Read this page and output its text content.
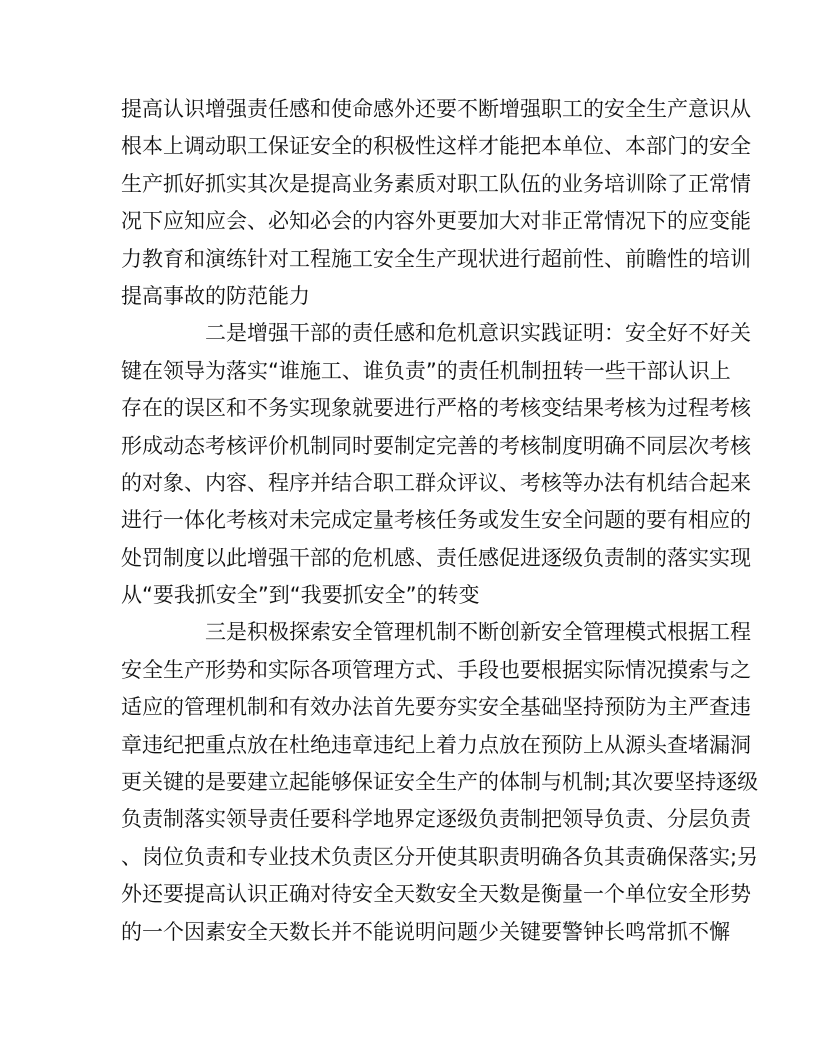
提高认识增强责任感和使命感外还要不断增强职工的安全生产意识从
根本上调动职工保证安全的积极性这样才能把本单位、本部门的安全
生产抓好抓实其次是提高业务素质对职工队伍的业务培训除了正常情
况下应知应会、必知必会的内容外更要加大对非正常情况下的应变能
力教育和演练针对工程施工安全生产现状进行超前性、前瞻性的培训
提高事故的防范能力
二是增强干部的责任感和危机意识实践证明：安全好不好关
键在领导为落实“谁施工、谁负责”的责任机制扭转一些干部认识上
存在的误区和不务实现象就要进行严格的考核变结果考核为过程考核
形成动态考核评价机制同时要制定完善的考核制度明确不同层次考核
的对象、内容、程序并结合职工群众评议、考核等办法有机结合起来
进行一体化考核对未完成定量考核任务或发生安全问题的要有相应的
处罚制度以此增强干部的危机感、责任感促进逐级负责制的落实实现
从“要我抓安全”到“我要抓安全”的转变
三是积极探索安全管理机制不断创新安全管理模式根据工程
安全生产形势和实际各项管理方式、手段也要根据实际情况摸索与之
适应的管理机制和有效办法首先要夯实安全基础坚持预防为主严查违
章违纪把重点放在杜绝违章违纪上着力点放在预防上从源头查堵漏洞
更关键的是要建立起能够保证安全生产的体制与机制;其次要坚持逐级
负责制落实领导责任要科学地界定逐级负责制把领导负责、分层负责
、岗位负责和专业技术负责区分开使其职责明确各负其责确保落实;另
外还要提高认识正确对待安全天数安全天数是衡量一个单位安全形势
的一个因素安全天数长并不能说明问题少关键要警钟长鸣常抓不懈
